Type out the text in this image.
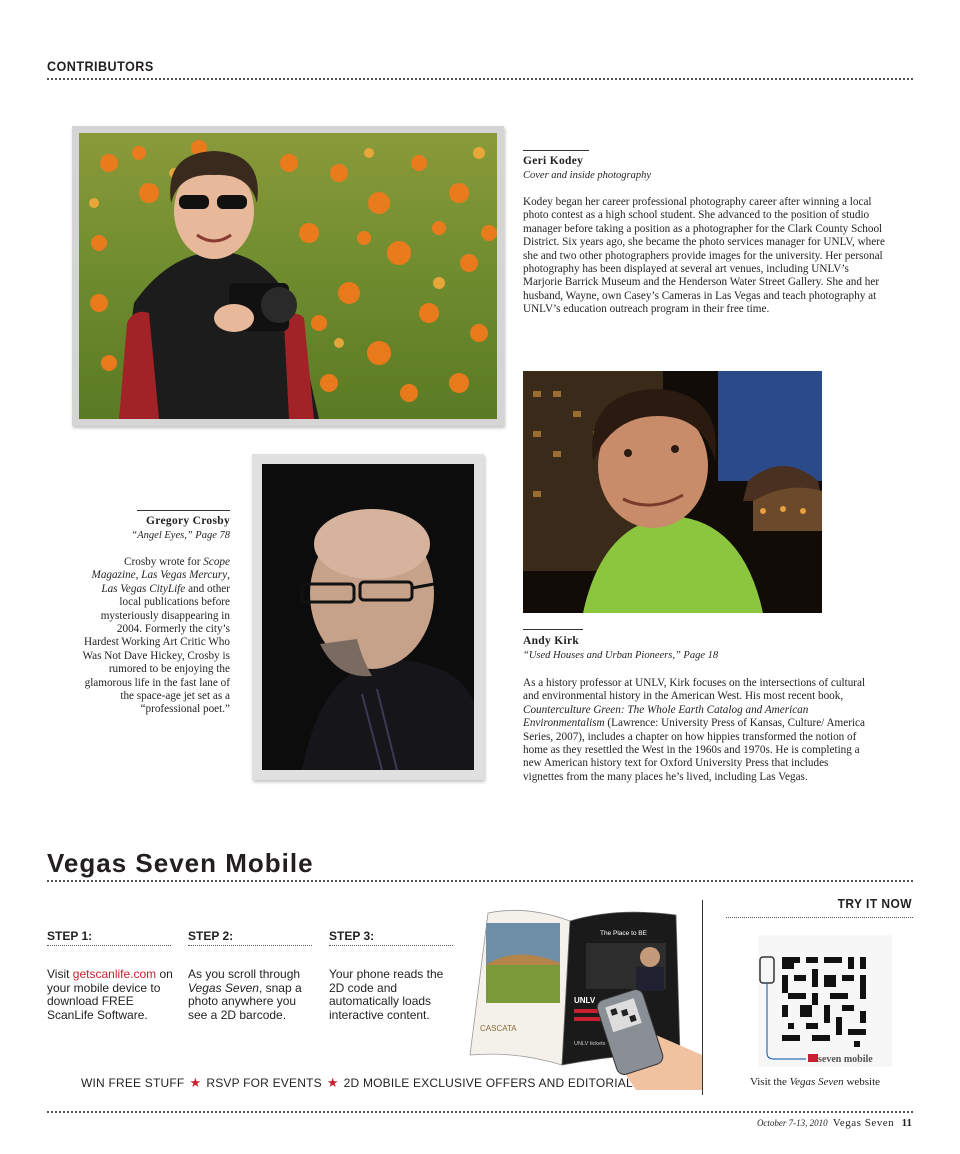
CONTRIBUTORS
Geri Kodey
Cover and inside photography
Kodey began her career professional photography career after winning a local photo contest as a high school student. She advanced to the position of studio manager before taking a position as a photographer for the Clark County School District. Six years ago, she became the photo services manager for UNLV, where she and two other photographers provide images for the university. Her personal photography has been displayed at several art venues, including UNLV’s Marjorie Barrick Museum and the Henderson Water Street Gallery. She and her husband, Wayne, own Casey’s Cameras in Las Vegas and teach photography at UNLV’s education outreach program in their free time.
Andy Kirk
“Used Houses and Urban Pioneers,” Page 18
As a history professor at UNLV, Kirk focuses on the intersections of cultural and environmental history in the American West. His most recent book, Counterculture Green: The Whole Earth Catalog and American Environmentalism (Lawrence: University Press of Kansas, Culture/ America Series, 2007), includes a chapter on how hippies transformed the notion of home as they resettled the West in the 1960s and 1970s. He is completing a new American history text for Oxford University Press that includes vignettes from the many places he’s lived, including Las Vegas.
Gregory Crosby
“Angel Eyes,” Page 78
Crosby wrote for Scope Magazine, Las Vegas Mercury, Las Vegas CityLife and other local publications before mysteriously disappearing in 2004. Formerly the city’s Hardest Working Art Critic Who Was Not Dave Hickey, Crosby is rumored to be enjoying the glamorous life in the fast lane of the space-age jet set as a “professional poet.”
Vegas Seven Mobile
STEP 1:
Visit getscanlife.com on your mobile device to download FREE ScanLife Software.
STEP 2:
As you scroll through Vegas Seven, snap a photo anywhere you see a 2D barcode.
STEP 3:
Your phone reads the 2D code and automatically loads interactive content.
CASCATA
The Place to BE
UNLV
UNLV tickets
TRY IT NOW
seven mobile
Visit the Vegas Seven website
WIN FREE STUFF ★ RSVP FOR EVENTS ★ 2D MOBILE EXCLUSIVE OFFERS AND EDITORIAL
October 7-13, 2010 Vegas Seven 11
